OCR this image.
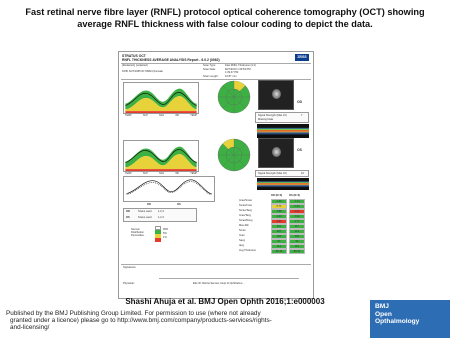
Fast retinal nerve fibre layer (RNFL) protocol optical coherence tomography (OCT) showing average RNFL thickness with false colour coding to depict the data.
STRATUS OCT
RNFL THICKNESS AVERAGE ANALYSIS Report - 6.0.2 (0062)
ZEISS
[Redacted], [redacted]
DOB: 6/27/1965 ID:7996/4 (Female
Scan Type:	Fast RNFL Thickness (3.4)
Scan Date:	8/27/2013 1:39:53 PM
1:39:47 PM
Scan Length:	10.87 mm
TEMP	SUP	NAS	INF	TEMP
OD
Signal Strength (Max 10)	7
Missing Data
TEMP	SUP	NAS	INF	TEMP
OS
Signal Strength (Max 10)	10
OD	OS
OD	Scans used 1,2,3
OS	Scans used 1,2,3
Normal Distribution Percentiles
95%
5%
1%
OD (N=3)	OS (N=3)
Imax/Smax	1.40	1.44
Smax/Imax	0.71	0.69
Smax/Tavg	1.88	2.03
Imax/Tavg	2.63	2.93
Smax/Navg	1.82	1.77
Max-Min	110	117
Smax	107	113
Imax	150	163
Savg	97	96
Iavg	112	119
Avg.Thickness	85.49	88.36
Signatures:
Physician:	Eds ID: Retina Service, Dept of Ophthalmo...
Shashi Ahuja et al. BMJ Open Ophth 2016;1:e000003
Published by the BMJ Publishing Group Limited. For permission to use (where not already
granted under a licence) please go to http://www.bmj.com/company/products-services/rights-
and-licensing/
BMJ
Open
Opthalmology
